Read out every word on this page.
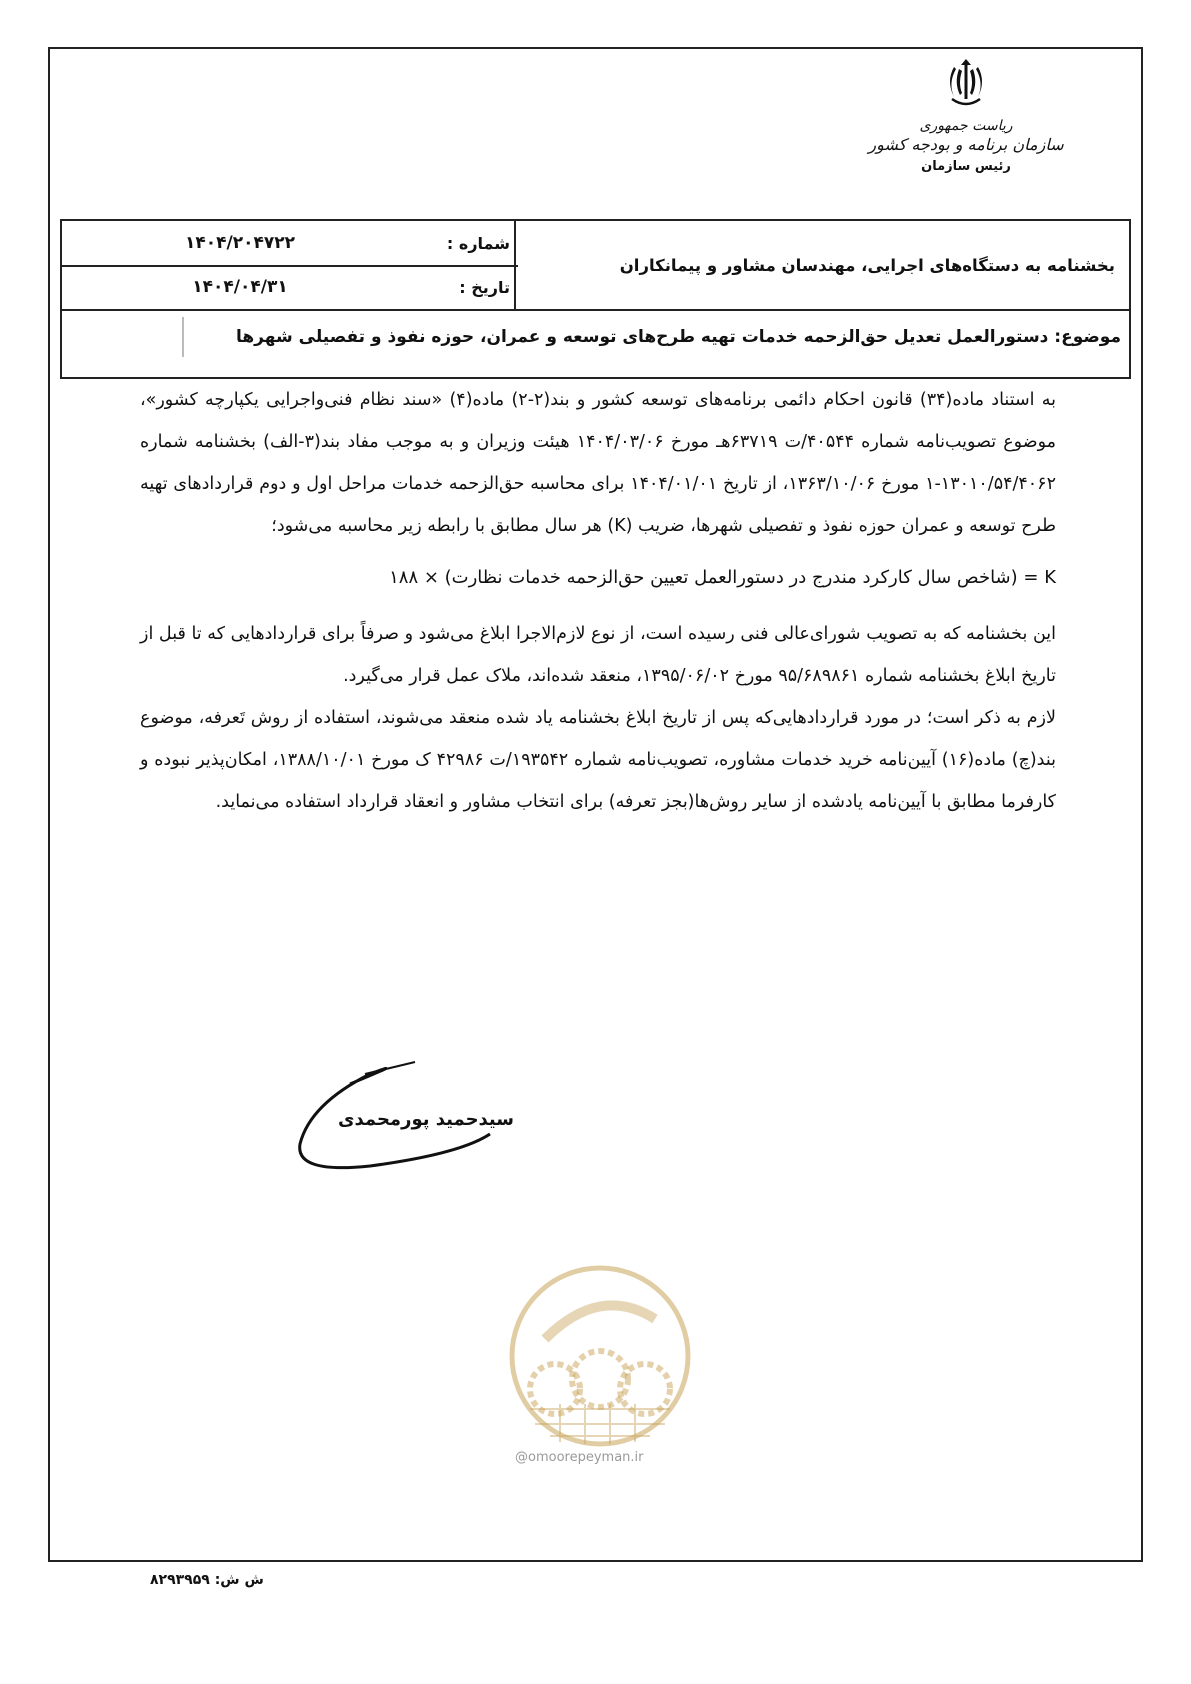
ریاست جمهوری
سازمان برنامه و بودجه کشور
رئیس سازمان
بخشنامه به دستگاه‌های اجرایی، مهندسان مشاور و پیمانکاران
شماره :
۱۴۰۴/۲۰۴۷۲۲
تاریخ :
۱۴۰۴/۰۴/۳۱
موضوع: دستورالعمل تعدیل حق‌الزحمه خدمات تهیه طرح‌های توسعه و عمران، حوزه نفوذ و تفصیلی شهرها

به استناد ماده(۳۴) قانون احکام دائمی برنامه‌های توسعه کشور و بند(۲-۲) ماده(۴) «سند نظام فنی‌واجرایی یکپارچه کشور»، موضوع تصویب‌نامه شماره ۴۰۵۴۴/ت ۶۳۷۱۹هـ مورخ ۱۴۰۴/۰۳/۰۶ هیئت وزیران و به موجب مفاد بند(۳-الف) بخشنامه شماره ۱۳۰۱۰/۵۴/۴۰۶۲-۱ مورخ ۱۳۶۳/۱۰/۰۶، از تاریخ ۱۴۰۴/۰۱/۰۱ برای محاسبه حق‌الزحمه خدمات مراحل اول و دوم قراردادهای تهیه طرح توسعه و عمران حوزه نفوذ و تفصیلی شهرها، ضریب (K) هر سال مطابق با رابطه زیر محاسبه می‌شود؛

K = (شاخص سال کارکرد مندرج در دستورالعمل تعیین حق‌الزحمه خدمات نظارت) × ۱۸۸

این بخشنامه که به تصویب شورای‌عالی فنی رسیده است، از نوع لازم‌الاجرا ابلاغ می‌شود و صرفاً برای قراردادهایی که تا قبل از تاریخ ابلاغ بخشنامه شماره ۹۵/۶۸۹۸۶۱ مورخ ۱۳۹۵/۰۶/۰۲، منعقد شده‌اند، ملاک عمل قرار می‌گیرد.

لازم به ذکر است؛ در مورد قراردادهایی‌که پس از تاریخ ابلاغ بخشنامه یاد شده منعقد می‌شوند، استفاده از روش تَعرفه، موضوع بند(چ) ماده(۱۶) آیین‌نامه خرید خدمات مشاوره، تصویب‌نامه شماره ۱۹۳۵۴۲/ت ۴۲۹۸۶ ک مورخ ۱۳۸۸/۱۰/۰۱، امکان‌پذیر نبوده و کارفرما مطابق با آیین‌نامه یادشده از سایر روش‌ها(بجز تعرفه) برای انتخاب مشاور و انعقاد قرارداد استفاده می‌نماید.

سیدحمید پورمحمدی
@omoorepeyman.ir
ش ش: ۸۲۹۳۹۵۹
